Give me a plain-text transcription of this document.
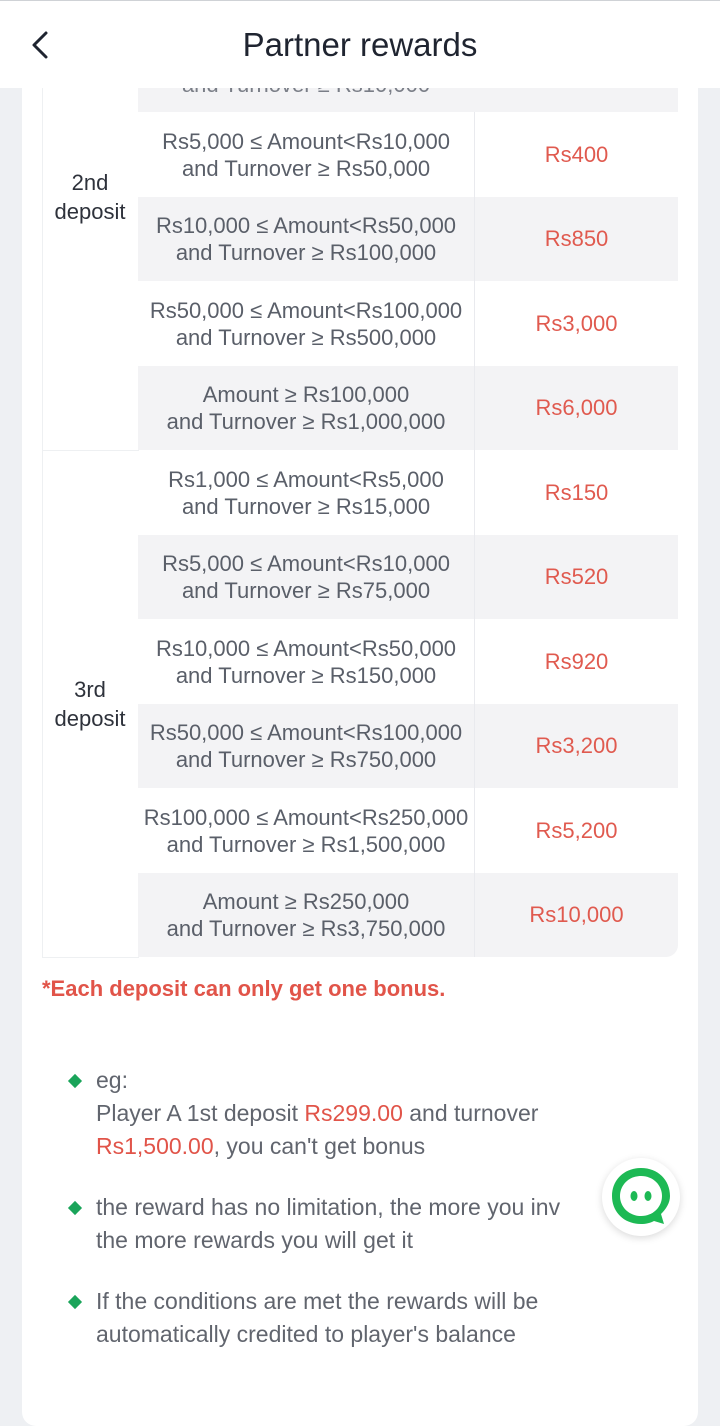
Partner rewards
2nd
deposit
3rd
deposit
Rs5,000 ≤ Amount<Rs10,000
and Turnover ≥ Rs50,000
Rs400
Rs10,000 ≤ Amount<Rs50,000
and Turnover ≥ Rs100,000
Rs850
Rs50,000 ≤ Amount<Rs100,000
and Turnover ≥ Rs500,000
Rs3,000
Amount ≥ Rs100,000
and Turnover ≥ Rs1,000,000
Rs6,000
Rs1,000 ≤ Amount<Rs5,000
and Turnover ≥ Rs15,000
Rs150
Rs5,000 ≤ Amount<Rs10,000
and Turnover ≥ Rs75,000
Rs520
Rs10,000 ≤ Amount<Rs50,000
and Turnover ≥ Rs150,000
Rs920
Rs50,000 ≤ Amount<Rs100,000
and Turnover ≥ Rs750,000
Rs3,200
Rs100,000 ≤ Amount<Rs250,000
and Turnover ≥ Rs1,500,000
Rs5,200
Amount ≥ Rs250,000
and Turnover ≥ Rs3,750,000
Rs10,000
*Each deposit can only get one bonus.
eg:
Player A 1st deposit Rs299.00 and turnover
Rs1,500.00, you can't get bonus
the reward has no limitation, the more you inv
the more rewards you will get it
If the conditions are met the rewards will be automatically credited to player's balance
